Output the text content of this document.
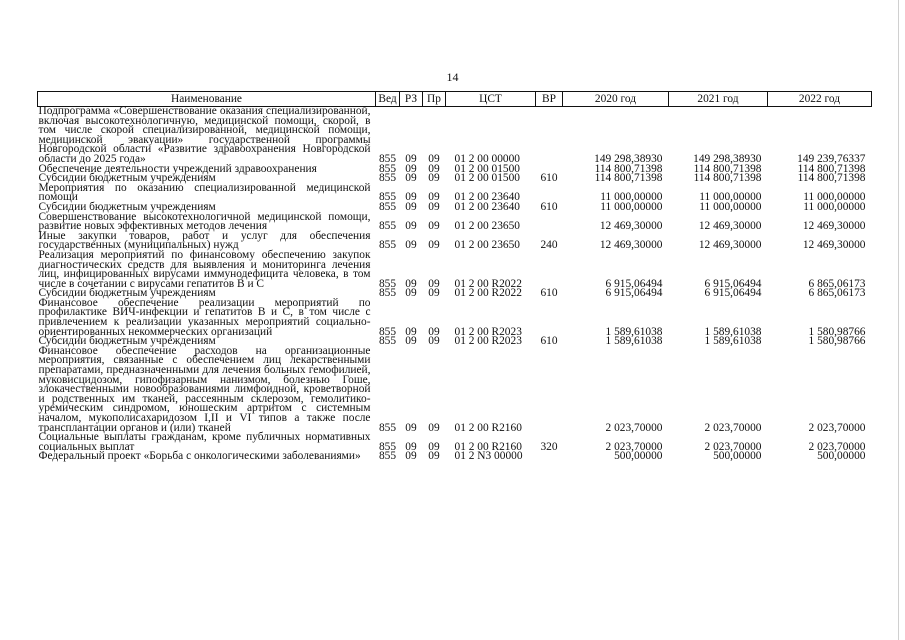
14
Наименование	Вед	РЗ	Пр	ЦСТ	ВР	2020 год	2021 год	2022 год
Подпрограмма «Совершенствование оказания специализированной, включая высокотехнологичную, медицинской помощи, скорой, в том числе скорой специализированной, медицинской помощи, медицинской эвакуации» государственной программы Новгородской области «Развитие здравоохранения Новгородской области до 2025 года»	855	09	09	01 2 00 00000		149 298,38930	149 298,38930	149 239,76337
Обеспечение деятельности учреждений здравоохранения	855	09	09	01 2 00 01500		114 800,71398	114 800,71398	114 800,71398
Субсидии бюджетным учреждениям	855	09	09	01 2 00 01500	610	114 800,71398	114 800,71398	114 800,71398
Мероприятия по оказанию специализированной медицинской помощи	855	09	09	01 2 00 23640		11 000,00000	11 000,00000	11 000,00000
Субсидии бюджетным учреждениям	855	09	09	01 2 00 23640	610	11 000,00000	11 000,00000	11 000,00000
Совершенствование высокотехнологичной медицинской помощи, развитие новых эффективных методов лечения	855	09	09	01 2 00 23650		12 469,30000	12 469,30000	12 469,30000
Иные закупки товаров, работ и услуг для обеспечения государственных (муниципальных) нужд	855	09	09	01 2 00 23650	240	12 469,30000	12 469,30000	12 469,30000
Реализация мероприятий по финансовому обеспечению закупок диагностических средств для выявления и мониторинга лечения лиц, инфицированных вирусами иммунодефицита человека, в том числе в сочетании с вирусами гепатитов В и С	855	09	09	01 2 00 R2022		6 915,06494	6 915,06494	6 865,06173
Субсидии бюджетным учреждениям	855	09	09	01 2 00 R2022	610	6 915,06494	6 915,06494	6 865,06173
Финансовое обеспечение реализации мероприятий по профилактике ВИЧ-инфекции и гепатитов В и С, в том числе с привлечением к реализации указанных мероприятий социально-ориентированных некоммерческих организаций	855	09	09	01 2 00 R2023		1 589,61038	1 589,61038	1 580,98766
Субсидии бюджетным учреждениям	855	09	09	01 2 00 R2023	610	1 589,61038	1 589,61038	1 580,98766
Финансовое обеспечение расходов на организационные мероприятия, связанные с обеспечением лиц лекарственными препаратами, предназначенными для лечения больных гемофилией, муковисцидозом, гипофизарным нанизмом, болезнью Гоше, злокачественными новообразованиями лимфоидной, кроветворной и родственных им тканей, рассеянным склерозом, гемолитико-уремическим синдромом, юношеским артритом с системным началом, мукополисахаридозом I,II и VI типов а также после трансплантации органов и (или) тканей	855	09	09	01 2 00 R2160		2 023,70000	2 023,70000	2 023,70000
Социальные выплаты гражданам, кроме публичных нормативных социальных выплат	855	09	09	01 2 00 R2160	320	2 023,70000	2 023,70000	2 023,70000
Федеральный проект «Борьба с онкологическими заболеваниями»	855	09	09	01 2 N3 00000		500,00000	500,00000	500,00000
